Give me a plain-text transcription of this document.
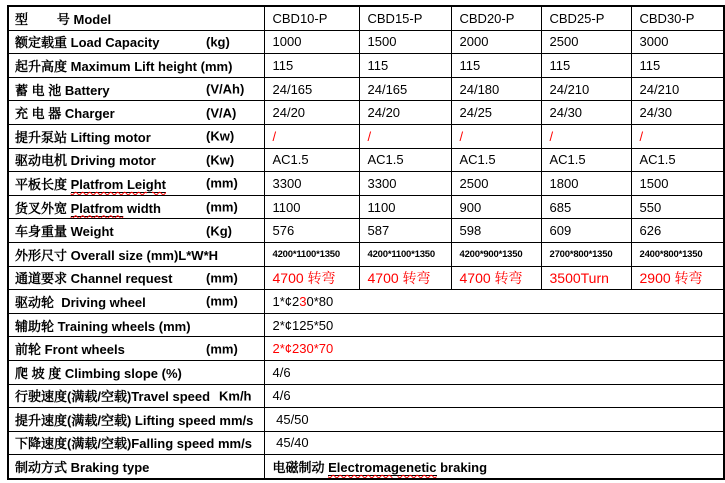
型        号 Model	CBD10-P	CBD15-P	CBD20-P	CBD25-P	CBD30-P
额定载重 Load Capacity (kg)	1000	1500	2000	2500	3000
起升高度 Maximum Lift height (mm)	115	115	115	115	115
蓄 电 池 Battery (V/Ah)	24/165	24/165	24/180	24/210	24/210
充 电 器 Charger (V/A)	24/20	24/20	24/25	24/30	24/30
提升泵站 Lifting motor (Kw)	/	/	/	/	/
驱动电机 Driving motor (Kw)	AC1.5	AC1.5	AC1.5	AC1.5	AC1.5
平板长度 Platfrom Leight (mm)	3300	3300	2500	1800	1500
货叉外宽 Platfrom width (mm)	1100	1100	900	685	550
车身重量 Weight (Kg)	576	587	598	609	626
外形尺寸 Overall size (mm)L*W*H	4200*1100*1350	4200*1100*1350	4200*900*1350	2700*800*1350	2400*800*1350
通道要求 Channel request (mm)	4700 转弯	4700 转弯	4700 转弯	3500Turn	2900 转弯
驱动轮  Driving wheel (mm)	1*¢230*80				
辅助轮 Training wheels (mm)	2*¢125*50				
前轮 Front wheels (mm)	2*¢230*70				
爬 坡 度 Climbing slope (%)	4/6				
行驶速度(满载/空载)Travel speed Km/h	4/6				
提升速度(满载/空载) Lifting speed mm/s	45/50				
下降速度(满载/空载)Falling speed mm/s	45/40				
制动方式 Braking type	电磁制动 Electromagenetic braking				
